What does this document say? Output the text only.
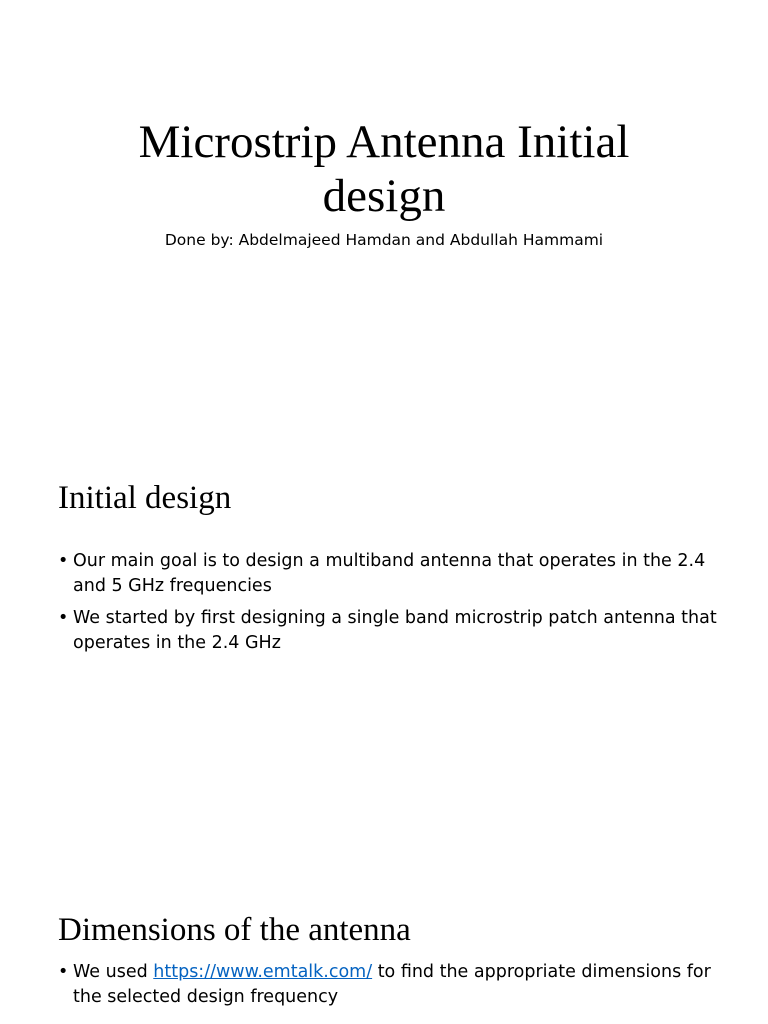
Microstrip Antenna Initial
design

Done by: Abdelmajeed Hamdan and Abdullah Hammami

Initial design
• Our main goal is to design a multiband antenna that operates in the 2.4 and 5 GHz frequencies
• We started by first designing a single band microstrip patch antenna that operates in the 2.4 GHz
Dimensions of the antenna
• We used https://www.emtalk.com/ to find the appropriate dimensions for the selected design frequency
